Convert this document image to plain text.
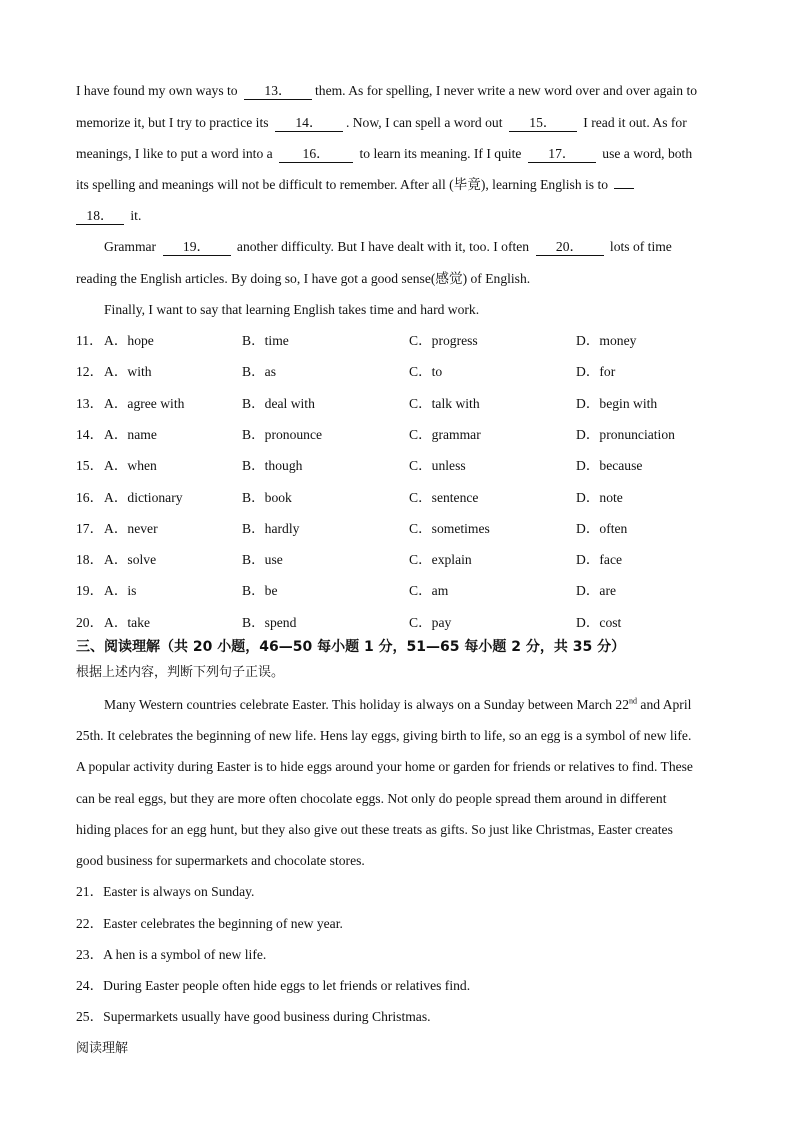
I have found my own ways to 13． them. As for spelling, I never write a new word over and over again to
memorize it, but I try to practice its 14． . Now, I can spell a word out 15． I read it out. As for
meanings, I like to put a word into a 16． to learn its meaning. If I quite 17． use a word, both
its spelling and meanings will not be difficult to remember. After all (毕竟), learning English is to
18． it.
Grammar 19． another difficulty. But I have dealt with it, too. I often 20． lots of time
reading the English articles. By doing so, I have got a good sense(感觉) of English.
Finally, I want to say that learning English takes time and hard work.
11． A．hope	B．time	C．progress	D．money
12． A．with	B．as	C．to	D．for
13． A．agree with	B．deal with	C．talk with	D．begin with
14． A．name	B．pronounce	C．grammar	D．pronunciation
15． A．when	B．though	C．unless	D．because
16． A．dictionary	B．book	C．sentence	D．note
17． A．never	B．hardly	C．sometimes	D．often
18． A．solve	B．use	C．explain	D．face
19． A．is	B．be	C．am	D．are
20． A．take	B．spend	C．pay	D．cost
三、阅读理解（共 20 小题，46—50 每小题 1 分，51—65 每小题 2 分，共 35 分）
根据上述内容，判断下列句子正误。
Many Western countries celebrate Easter. This holiday is always on a Sunday between March 22nd and April
25th. It celebrates the beginning of new life. Hens lay eggs, giving birth to life, so an egg is a symbol of new life.
A popular activity during Easter is to hide eggs around your home or garden for friends or relatives to find. These
can be real eggs, but they are more often chocolate eggs. Not only do people spread them around in different
hiding places for an egg hunt, but they also give out these treats as gifts. So just like Christmas, Easter creates
good business for supermarkets and chocolate stores.
21．Easter is always on Sunday.
22．Easter celebrates the beginning of new year.
23．A hen is a symbol of new life.
24．During Easter people often hide eggs to let friends or relatives find.
25．Supermarkets usually have good business during Christmas.
阅读理解
